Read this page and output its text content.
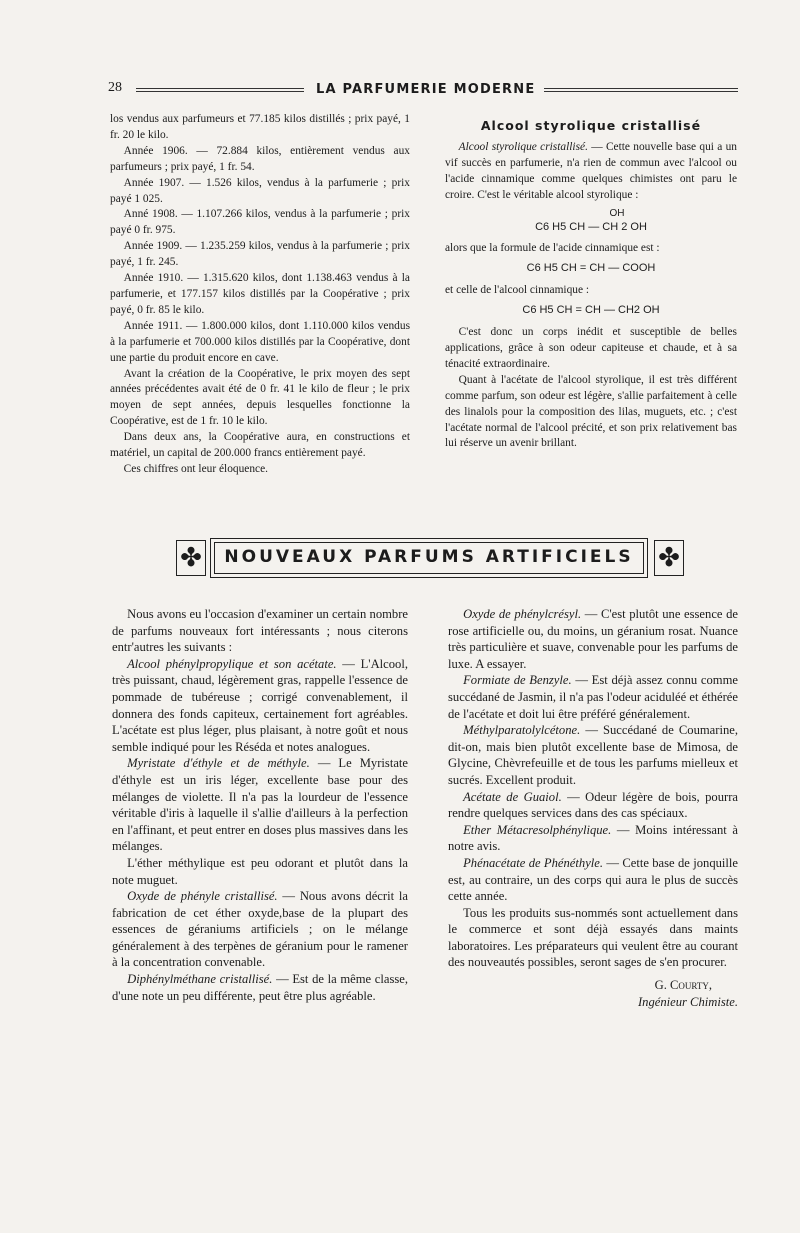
28	LA PARFUMERIE MODERNE

los vendus aux parfumeurs et 77.185 kilos distillés ; prix payé, 1 fr. 20 le kilo.

Année 1906. — 72.884 kilos, entièrement vendus aux parfumeurs ; prix payé, 1 fr. 54.

Année 1907. — 1.526 kilos, vendus à la parfumerie ; prix payé 1 025.

Anné 1908. — 1.107.266 kilos, vendus à la parfumerie ; prix payé 0 fr. 975.

Année 1909. — 1.235.259 kilos, vendus à la parfumerie ; prix payé, 1 fr. 245.

Année 1910. — 1.315.620 kilos, dont 1.138.463 vendus à la parfumerie, et 177.157 kilos distillés par la Coopérative ; prix payé, 0 fr. 85 le kilo.

Année 1911. — 1.800.000 kilos, dont 1.110.000 kilos vendus à la parfumerie et 700.000 kilos distillés par la Coopérative, dont une partie du produit encore en cave.

Avant la création de la Coopérative, le prix moyen des sept années précédentes avait été de 0 fr. 41 le kilo de fleur ; le prix moyen de sept années, depuis lesquelles fonctionne la Coopérative, est de 1 fr. 10 le kilo.

Dans deux ans, la Coopérative aura, en constructions et matériel, un capital de 200.000 francs entièrement payé.

Ces chiffres ont leur éloquence.

Alcool styrolique cristallisé

Alcool styrolique cristallisé. — Cette nouvelle base qui a un vif succès en parfumerie, n'a rien de commun avec l'alcool ou l'acide cinnamique comme quelques chimistes ont paru le croire. C'est le véritable alcool styrolique :

OH
C6 H5 CH — CH 2 OH

alors que la formule de l'acide cinnamique est :

C6 H5 CH = CH — COOH

et celle de l'alcool cinnamique :

C6 H5 CH = CH — CH2 OH

C'est donc un corps inédit et susceptible de belles applications, grâce à son odeur capiteuse et chaude, et à sa ténacité extraordinaire.

Quant à l'acétate de l'alcool styrolique, il est très différent comme parfum, son odeur est légère, s'allie parfaitement à celle des linalols pour la composition des lilas, muguets, etc. ; c'est l'acétate normal de l'alcool précité, et son prix relativement bas lui réserve un avenir brillant.

✤	NOUVEAUX PARFUMS ARTIFICIELS ✤

Nous avons eu l'occasion d'examiner un certain nombre de parfums nouveaux fort intéressants ; nous citerons entr'autres les suivants :

Alcool phénylpropylique et son acétate. — L'Alcool, très puissant, chaud, légèrement gras, rappelle l'essence de pommade de tubéreuse ; corrigé convenablement, il donnera des fonds capiteux, certainement fort agréables. L'acétate est plus léger, plus plaisant, à notre goût et nous semble indiqué pour les Réséda et notes analogues.

Myristate d'éthyle et de méthyle. — Le Myristate d'éthyle est un iris léger, excellente base pour des mélanges de violette. Il n'a pas la lourdeur de l'essence véritable d'iris à laquelle il s'allie d'ailleurs à la perfection en l'affinant, et peut entrer en doses plus massives dans les mélanges.

L'éther méthylique est peu odorant et plutôt dans la note muguet.

Oxyde de phényle cristallisé. — Nous avons décrit la fabrication de cet éther oxyde,base de la plupart des essences de géraniums artificiels ; on le mélange généralement à des terpènes de géranium pour le ramener à la concentration convenable.

Diphénylméthane cristallisé. — Est de la même classe, d'une note un peu différente, peut être plus agréable.

Oxyde de phénylcrésyl. — C'est plutôt une essence de rose artificielle ou, du moins, un géranium rosat. Nuance très particulière et suave, convenable pour les parfums de luxe. A essayer.

Formiate de Benzyle. — Est déjà assez connu comme succédané de Jasmin, il n'a pas l'odeur aciduléé et éthérée de l'acétate et doit lui être préféré généralement.

Méthylparatolylcétone. — Succédané de Coumarine, dit-on, mais bien plutôt excellente base de Mimosa, de Glycine, Chèvrefeuille et de tous les parfums mielleux et sucrés. Excellent produit.

Acétate de Guaiol. — Odeur légère de bois, pourra rendre quelques services dans des cas spéciaux.

Ether Métacresolphénylique. — Moins intéressant à notre avis.

Phénacétate de Phénéthyle. — Cette base de jonquille est, au contraire, un des corps qui aura le plus de succès cette année.

Tous les produits sus-nommés sont actuellement dans le commerce et sont déjà essayés dans maints laboratoires. Les préparateurs qui veulent être au courant des nouveautés possibles, seront sages de s'en procurer.

G. Courty,
Ingénieur Chimiste.
